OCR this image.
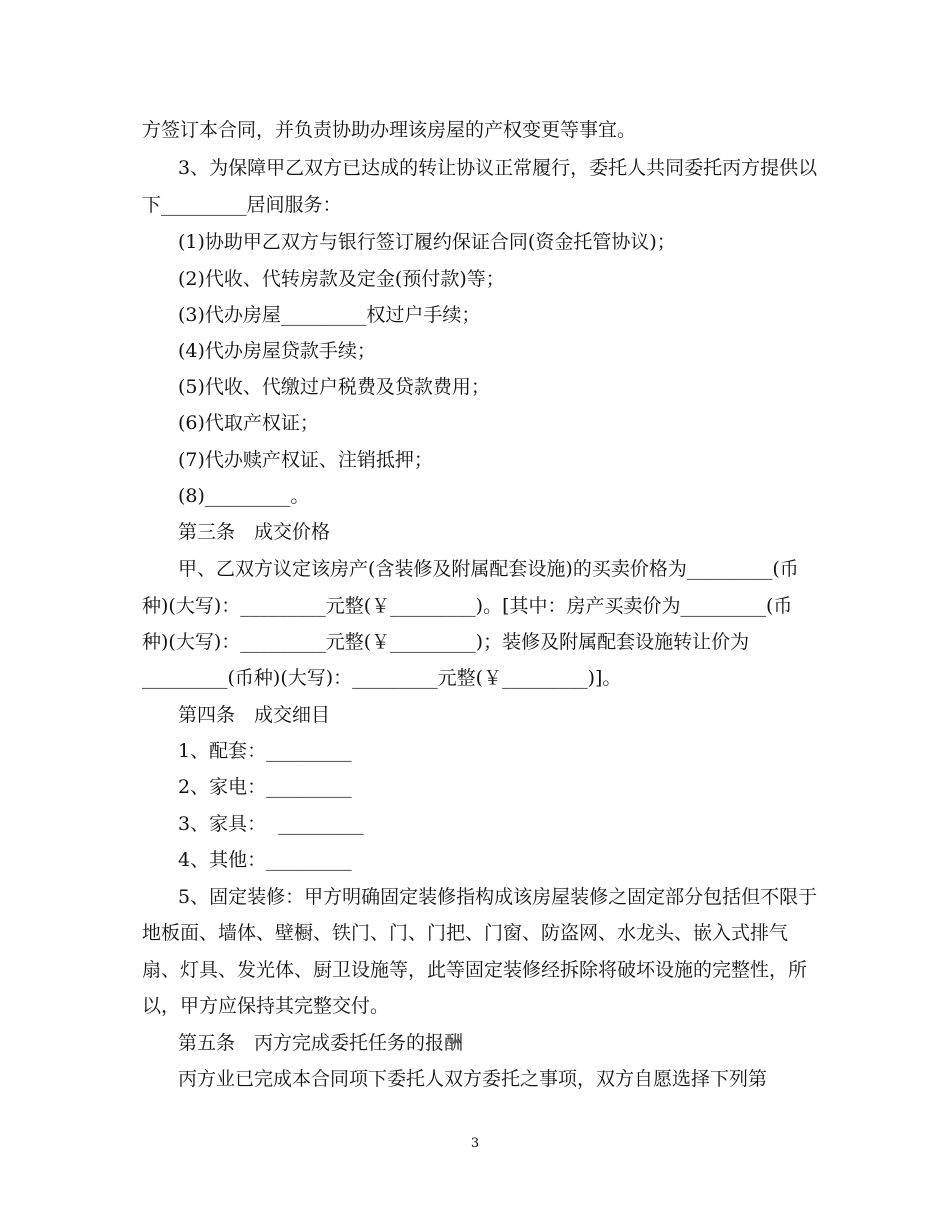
方签订本合同，并负责协助办理该房屋的产权变更等事宜。
3、为保障甲乙双方已达成的转让协议正常履行，委托人共同委托丙方提供以
下_________居间服务：
(1)协助甲乙双方与银行签订履约保证合同(资金托管协议)；
(2)代收、代转房款及定金(预付款)等；
(3)代办房屋_________权过户手续；
(4)代办房屋贷款手续；
(5)代收、代缴过户税费及贷款费用；
(6)代取产权证；
(7)代办赎产权证、注销抵押；
(8)_________。
第三条　成交价格
甲、乙双方议定该房产(含装修及附属配套设施)的买卖价格为_________(币
种)(大写)：_________元整(￥_________)。[其中：房产买卖价为_________(币
种)(大写)：_________元整(￥_________)；装修及附属配套设施转让价为
_________(币种)(大写)：_________元整(￥_________)]。
第四条　成交细目
1、配套：_________
2、家电：_________
3、家具：  _________
4、其他：_________
5、固定装修：甲方明确固定装修指构成该房屋装修之固定部分包括但不限于
地板面、墙体、壁橱、铁门、门、门把、门窗、防盗网、水龙头、嵌入式排气
扇、灯具、发光体、厨卫设施等，此等固定装修经拆除将破坏设施的完整性，所
以，甲方应保持其完整交付。
第五条　丙方完成委托任务的报酬
丙方业已完成本合同项下委托人双方委托之事项，双方自愿选择下列第
3
